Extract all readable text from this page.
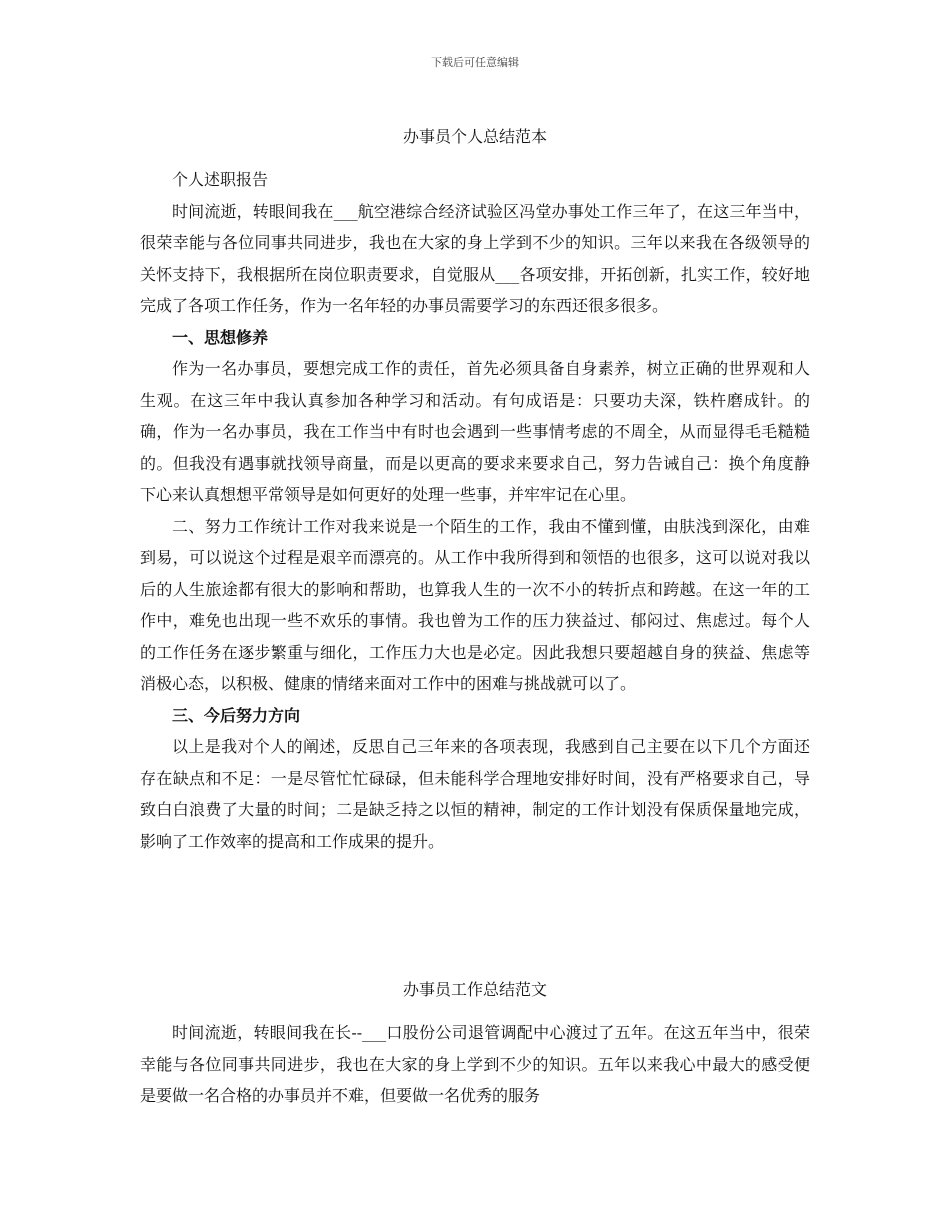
下载后可任意编辑
办事员个人总结范本

个人述职报告

时间流逝，转眼间我在___航空港综合经济试验区冯堂办事处工作三年了，在这三年当中，很荣幸能与各位同事共同进步，我也在大家的身上学到不少的知识。三年以来我在各级领导的关怀支持下，我根据所在岗位职责要求，自觉服从___各项安排，开拓创新，扎实工作，较好地完成了各项工作任务，作为一名年轻的办事员需要学习的东西还很多很多。

一、思想修养

作为一名办事员，要想完成工作的责任，首先必须具备自身素养，树立正确的世界观和人生观。在这三年中我认真参加各种学习和活动。有句成语是：只要功夫深，铁杵磨成针。的确，作为一名办事员，我在工作当中有时也会遇到一些事情考虑的不周全，从而显得毛毛糙糙的。但我没有遇事就找领导商量，而是以更高的要求来要求自己，努力告诫自己：换个角度静下心来认真想想平常领导是如何更好的处理一些事，并牢牢记在心里。

二、努力工作统计工作对我来说是一个陌生的工作，我由不懂到懂，由肤浅到深化，由难到易，可以说这个过程是艰辛而漂亮的。从工作中我所得到和领悟的也很多，这可以说对我以后的人生旅途都有很大的影响和帮助，也算我人生的一次不小的转折点和跨越。在这一年的工作中，难免也出现一些不欢乐的事情。我也曾为工作的压力狭益过、郁闷过、焦虑过。每个人的工作任务在逐步繁重与细化，工作压力大也是必定。因此我想只要超越自身的狭益、焦虑等消极心态，以积极、健康的情绪来面对工作中的困难与挑战就可以了。

三、今后努力方向

以上是我对个人的阐述，反思自己三年来的各项表现，我感到自己主要在以下几个方面还存在缺点和不足：一是尽管忙忙碌碌，但未能科学合理地安排好时间，没有严格要求自己，导致白白浪费了大量的时间；二是缺乏持之以恒的精神，制定的工作计划没有保质保量地完成，影响了工作效率的提高和工作成果的提升。

办事员工作总结范文

时间流逝，转眼间我在长--___口股份公司退管调配中心渡过了五年。在这五年当中，很荣幸能与各位同事共同进步，我也在大家的身上学到不少的知识。五年以来我心中最大的感受便是要做一名合格的办事员并不难，但要做一名优秀的服务
